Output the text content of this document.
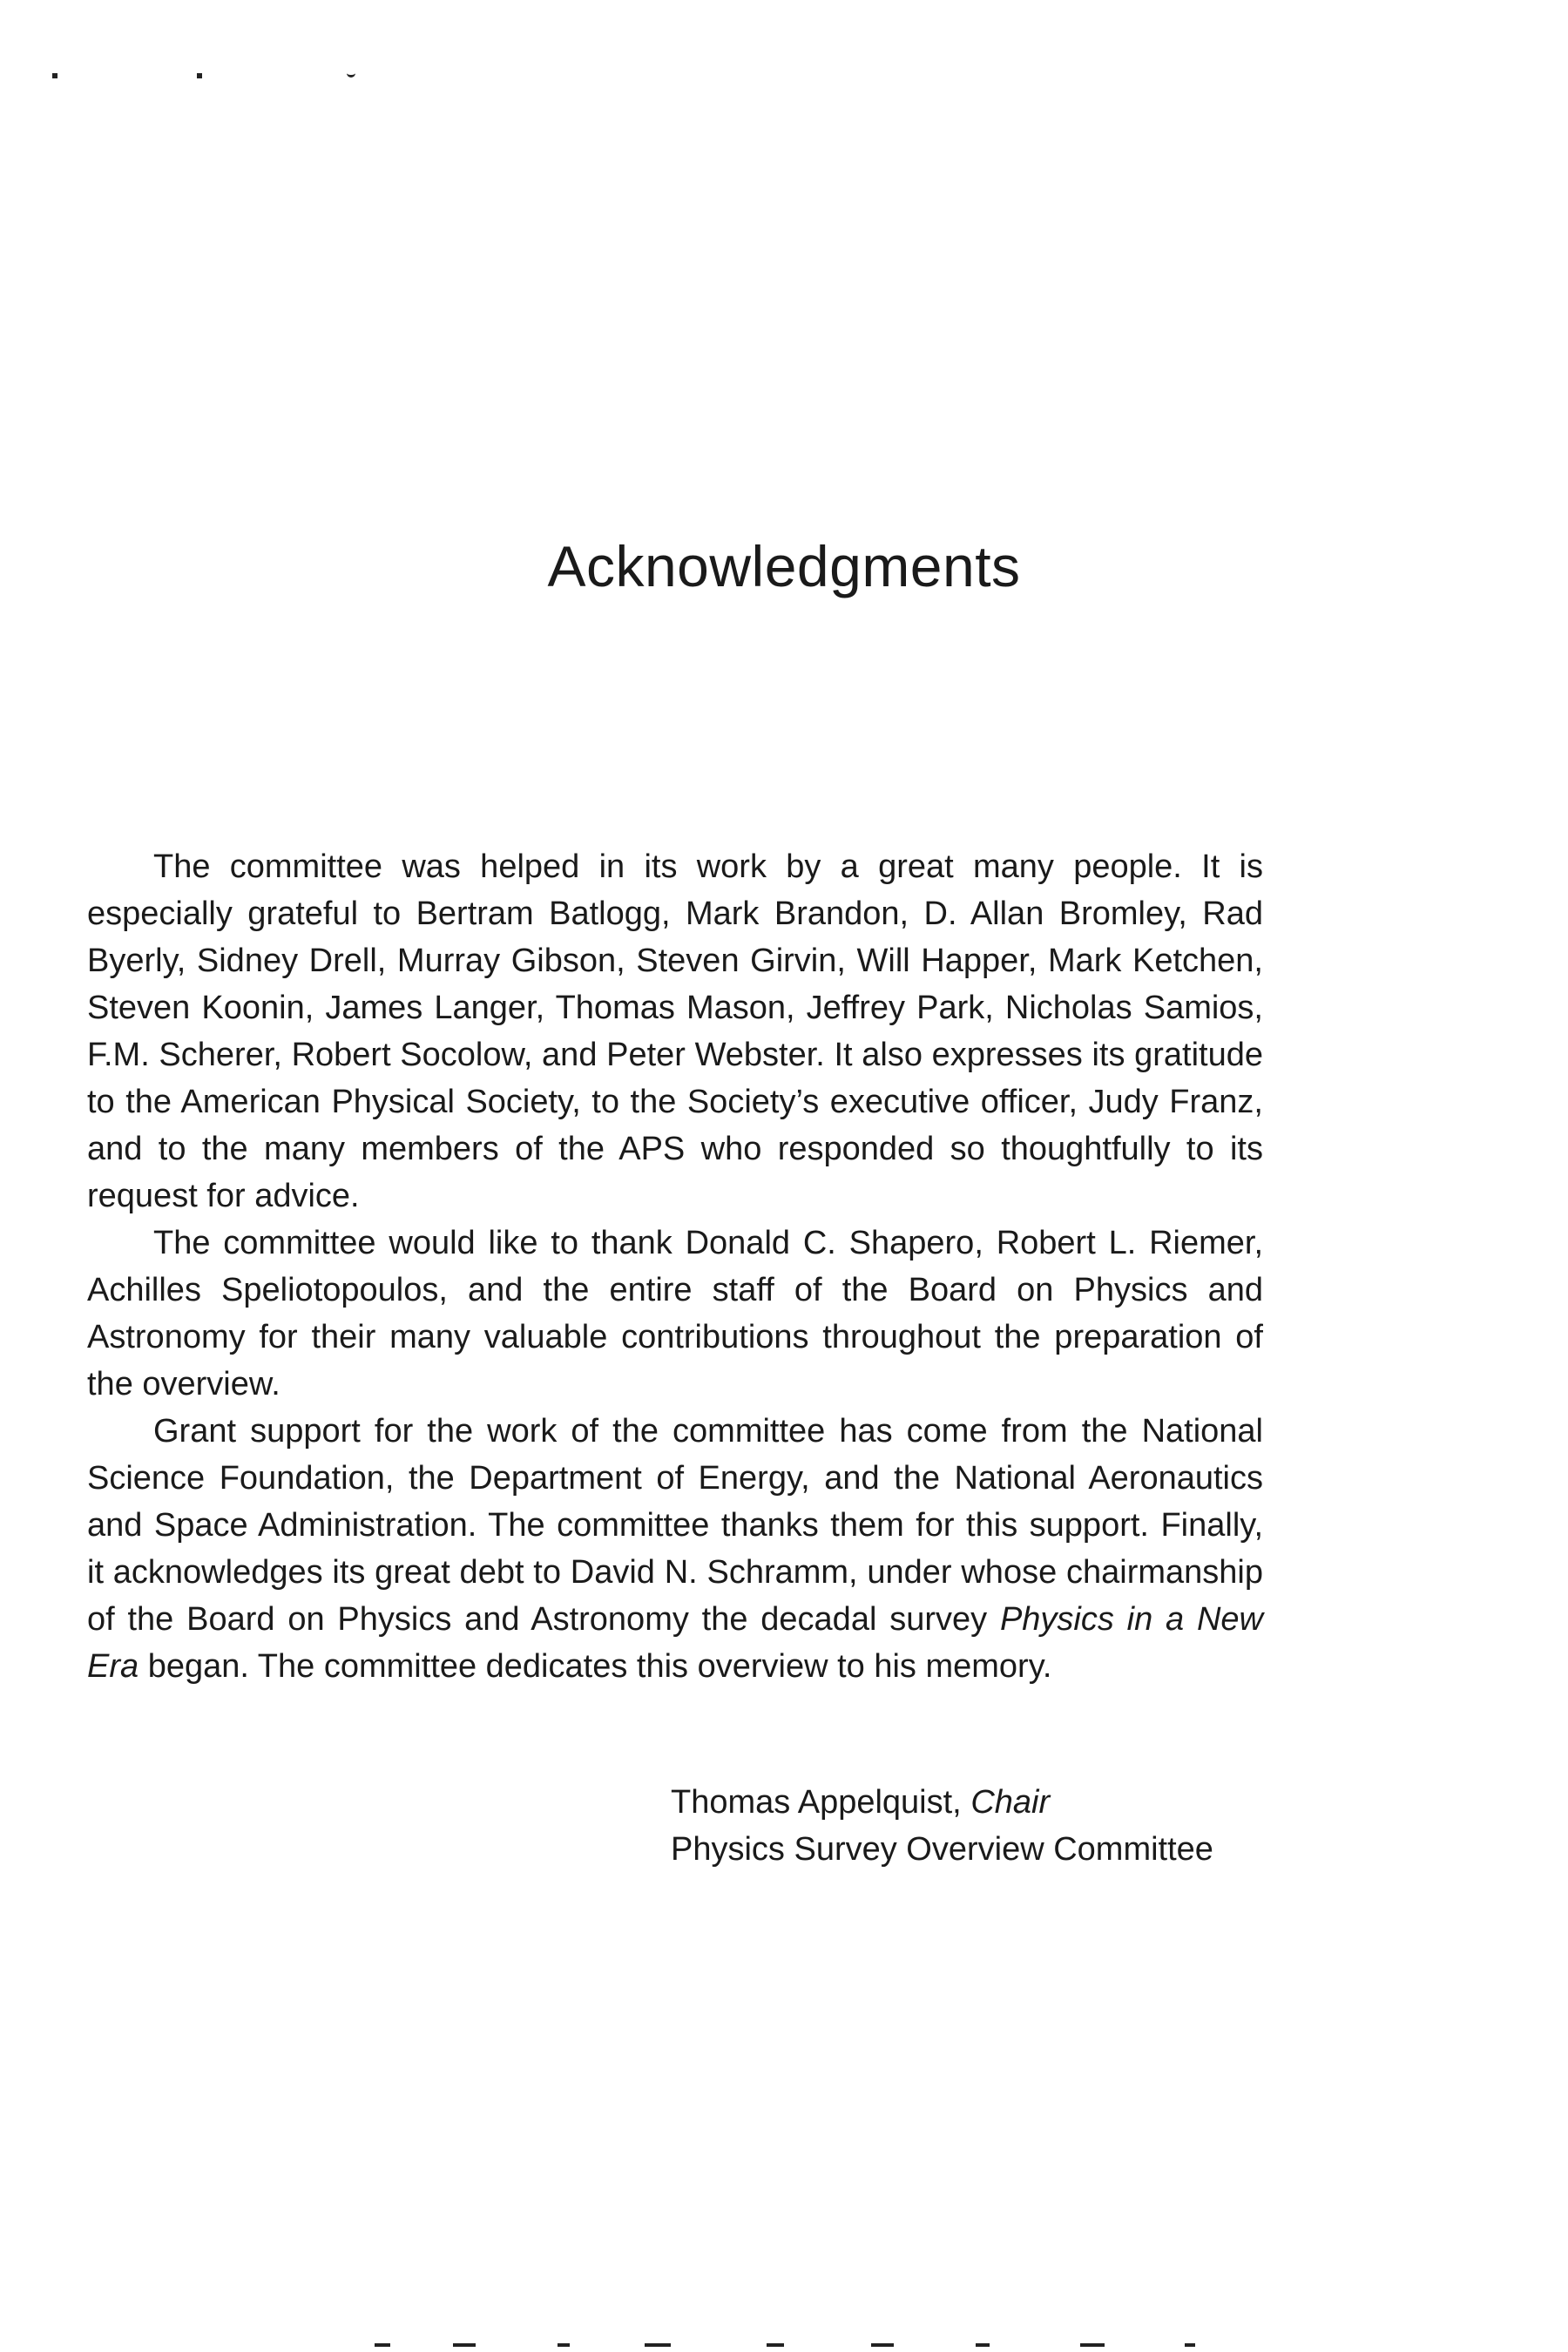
Acknowledgments

The committee was helped in its work by a great many people. It is especially grateful to Bertram Batlogg, Mark Brandon, D. Allan Bromley, Rad Byerly, Sidney Drell, Murray Gibson, Steven Girvin, Will Happer, Mark Ketchen, Steven Koonin, James Langer, Thomas Mason, Jeffrey Park, Nicholas Samios, F.M. Scherer, Robert Socolow, and Peter Webster. It also expresses its gratitude to the American Physical Society, to the Society’s executive officer, Judy Franz, and to the many members of the APS who responded so thoughtfully to its request for advice.

The committee would like to thank Donald C. Shapero, Robert L. Riemer, Achilles Speliotopoulos, and the entire staff of the Board on Physics and Astronomy for their many valuable contributions throughout the preparation of the overview.

Grant support for the work of the committee has come from the National Science Foundation, the Department of Energy, and the National Aeronautics and Space Administration. The committee thanks them for this support. Finally, it acknowledges its great debt to David N. Schramm, under whose chairmanship of the Board on Physics and Astronomy the decadal survey Physics in a New Era began. The committee dedicates this overview to his memory.

Thomas Appelquist, Chair
Physics Survey Overview Committee
